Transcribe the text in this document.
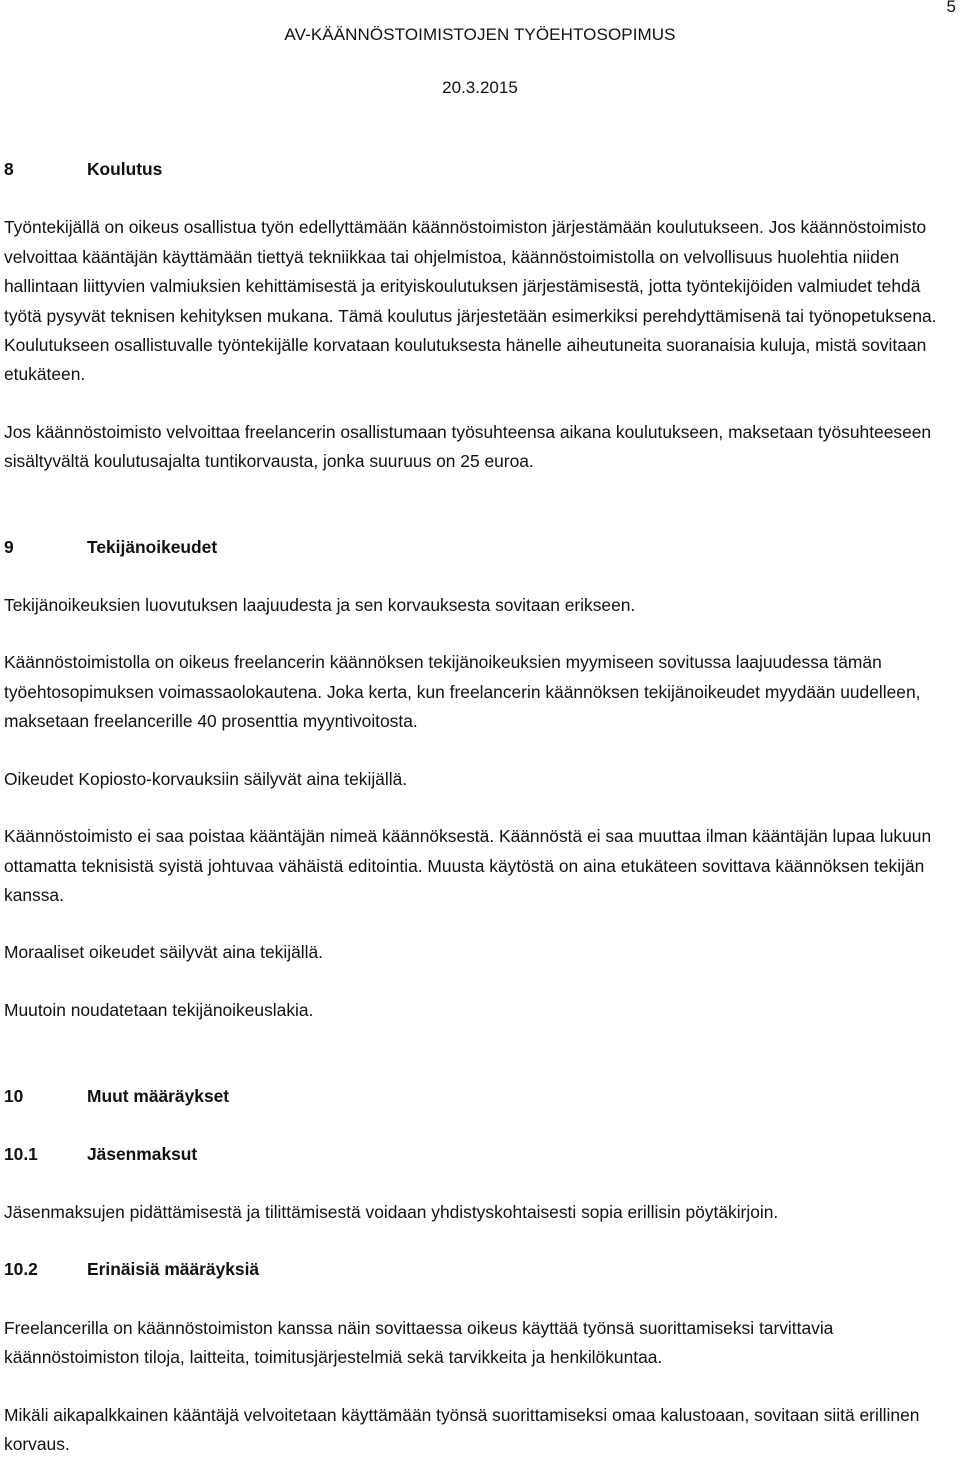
5
AV-KÄÄNNÖSTOIMISTOJEN TYÖEHTOSOPIMUS
20.3.2015
8	Koulutus

Työntekijällä on oikeus osallistua työn edellyttämään käännöstoimiston järjestämään koulutukseen. Jos käännöstoimisto velvoittaa kääntäjän käyttämään tiettyä tekniikkaa tai ohjelmistoa, käännöstoimistolla on velvollisuus huolehtia niiden hallintaan liittyvien valmiuksien kehittämisestä ja erityiskoulutuksen järjestämisestä, jotta työntekijöiden valmiudet tehdä työtä pysyvät teknisen kehityksen mukana. Tämä koulutus järjestetään esimerkiksi perehdyttämisenä tai työnopetuksena. Koulutukseen osallistuvalle työntekijälle korvataan koulutuksesta hänelle aiheutuneita suoranaisia kuluja, mistä sovitaan etukäteen.

Jos käännöstoimisto velvoittaa freelancerin osallistumaan työsuhteensa aikana koulutukseen, maksetaan työsuhteeseen sisältyvältä koulutusajalta tuntikorvausta, jonka suuruus on 25 euroa.

9	Tekijänoikeudet

Tekijänoikeuksien luovutuksen laajuudesta ja sen korvauksesta sovitaan erikseen.

Käännöstoimistolla on oikeus freelancerin käännöksen tekijänoikeuksien myymiseen sovitussa laajuudessa tämän työehtosopimuksen voimassaolokautena. Joka kerta, kun freelancerin käännöksen tekijänoikeudet myydään uudelleen, maksetaan freelancerille 40 prosenttia myyntivoitosta.

Oikeudet Kopiosto-korvauksiin säilyvät aina tekijällä.

Käännöstoimisto ei saa poistaa kääntäjän nimeä käännöksestä. Käännöstä ei saa muuttaa ilman kääntäjän lupaa lukuun ottamatta teknisistä syistä johtuvaa vähäistä editointia. Muusta käytöstä on aina etukäteen sovittava käännöksen tekijän kanssa.

Moraaliset oikeudet säilyvät aina tekijällä.

Muutoin noudatetaan tekijänoikeuslakia.

10	Muut määräykset
10.1	Jäsenmaksut

Jäsenmaksujen pidättämisestä ja tilittämisestä voidaan yhdistyskohtaisesti sopia erillisin pöytäkirjoin.

10.2	Erinäisiä määräyksiä

Freelancerilla on käännöstoimiston kanssa näin sovittaessa oikeus käyttää työnsä suorittamiseksi tarvittavia käännöstoimiston tiloja, laitteita, toimitusjärjestelmiä sekä tarvikkeita ja henkilökuntaa.

Mikäli aikapalkkainen kääntäjä velvoitetaan käyttämään työnsä suorittamiseksi omaa kalustoaan, sovitaan siitä erillinen korvaus.
